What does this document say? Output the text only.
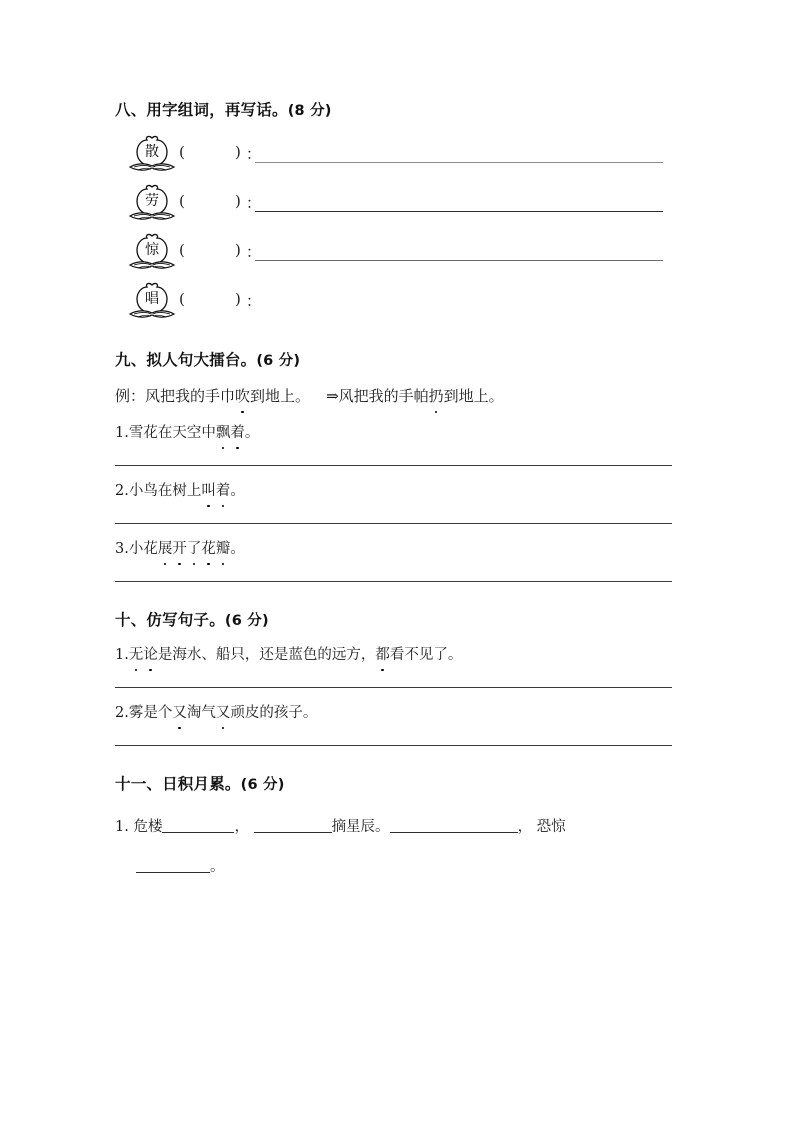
八、用字组词，再写话。(8 分)
散	(	) ：
劳	(	) ：
惊	(	) ：
唱	(	) ：
九、拟人句大擂台。(6 分)
例：风把我的手巾吹到地上。 ⇒风把我的手帕扔到地上。
1.雪花在天空中飘着。
2.小鸟在树上叫着。
3.小花展开了花瓣。
十、仿写句子。(6 分)
1.无论是海水、船只，还是蓝色的远方，都看不见了。
2.雾是个又淘气又顽皮的孩子。
十一、日积月累。(6 分)
1. 危楼	，	摘星辰。	， 恐惊
。
